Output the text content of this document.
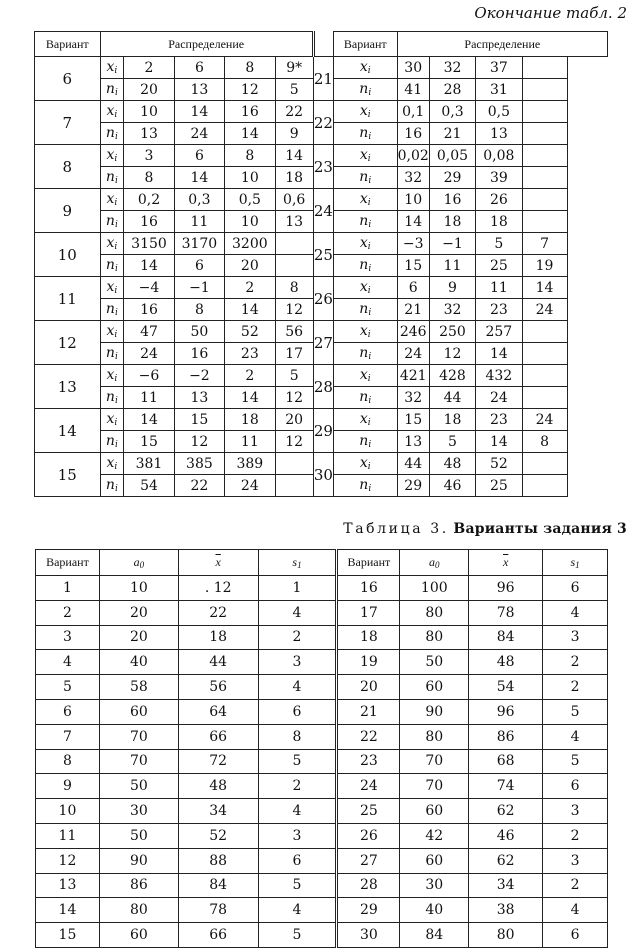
Окончание табл. 2
Вариант	Распределение						Вариант	Распределение			
6	$x_i$	2	6	8	9*	21	$x_i$	30	32	37	
	$n_i$	20	13	12	5		$n_i$	41	28	31	
7	$x_i$	10	14	16	22	22	$x_i$	0,1	0,3	0,5	
	$n_i$	13	24	14	9		$n_i$	16	21	13	
8	$x_i$	3	6	8	14	23	$x_i$	0,02	0,05	0,08	
	$n_i$	8	14	10	18		$n_i$	32	29	39	
9	$x_i$	0,2	0,3	0,5	0,6	24	$x_i$	10	16	26	
	$n_i$	16	11	10	13		$n_i$	14	18	18	
10	$x_i$	3150	3170	3200		25	$x_i$	−3	−1	5	7
	$n_i$	14	6	20			$n_i$	15	11	25	19
11	$x_i$	−4	−1	2	8	26	$x_i$	6	9	11	14
	$n_i$	16	8	14	12		$n_i$	21	32	23	24
12	$x_i$	47	50	52	56	27	$x_i$	246	250	257	
	$n_i$	24	16	23	17		$n_i$	24	12	14	
13	$x_i$	−6	−2	2	5	28	$x_i$	421	428	432	
	$n_i$	11	13	14	12		$n_i$	32	44	24	
14	$x_i$	14	15	18	20	29	$x_i$	15	18	23	24
	$n_i$	15	12	11	12		$n_i$	13	5	14	8
15	$x_i$	381	385	389		30	$x_i$	44	48	52	
	$n_i$	54	22	24			$n_i$	29	46	25	
Таблица 3. Варианты задания 3
Вариант	$a_0$	$\overline{x}$	$s_1$	Вариант	$a_0$	$\overline{x}$	$s_1$
1	10	. 12	1	16	100	96	6
2	20	22	4	17	80	78	4
3	20	18	2	18	80	84	3
4	40	44	3	19	50	48	2
5	58	56	4	20	60	54	2
6	60	64	6	21	90	96	5
7	70	66	8	22	80	86	4
8	70	72	5	23	70	68	5
9	50	48	2	24	70	74	6
10	30	34	4	25	60	62	3
11	50	52	3	26	42	46	2
12	90	88	6	27	60	62	3
13	86	84	5	28	30	34	2
14	80	78	4	29	40	38	4
15	60	66	5	30	84	80	6
